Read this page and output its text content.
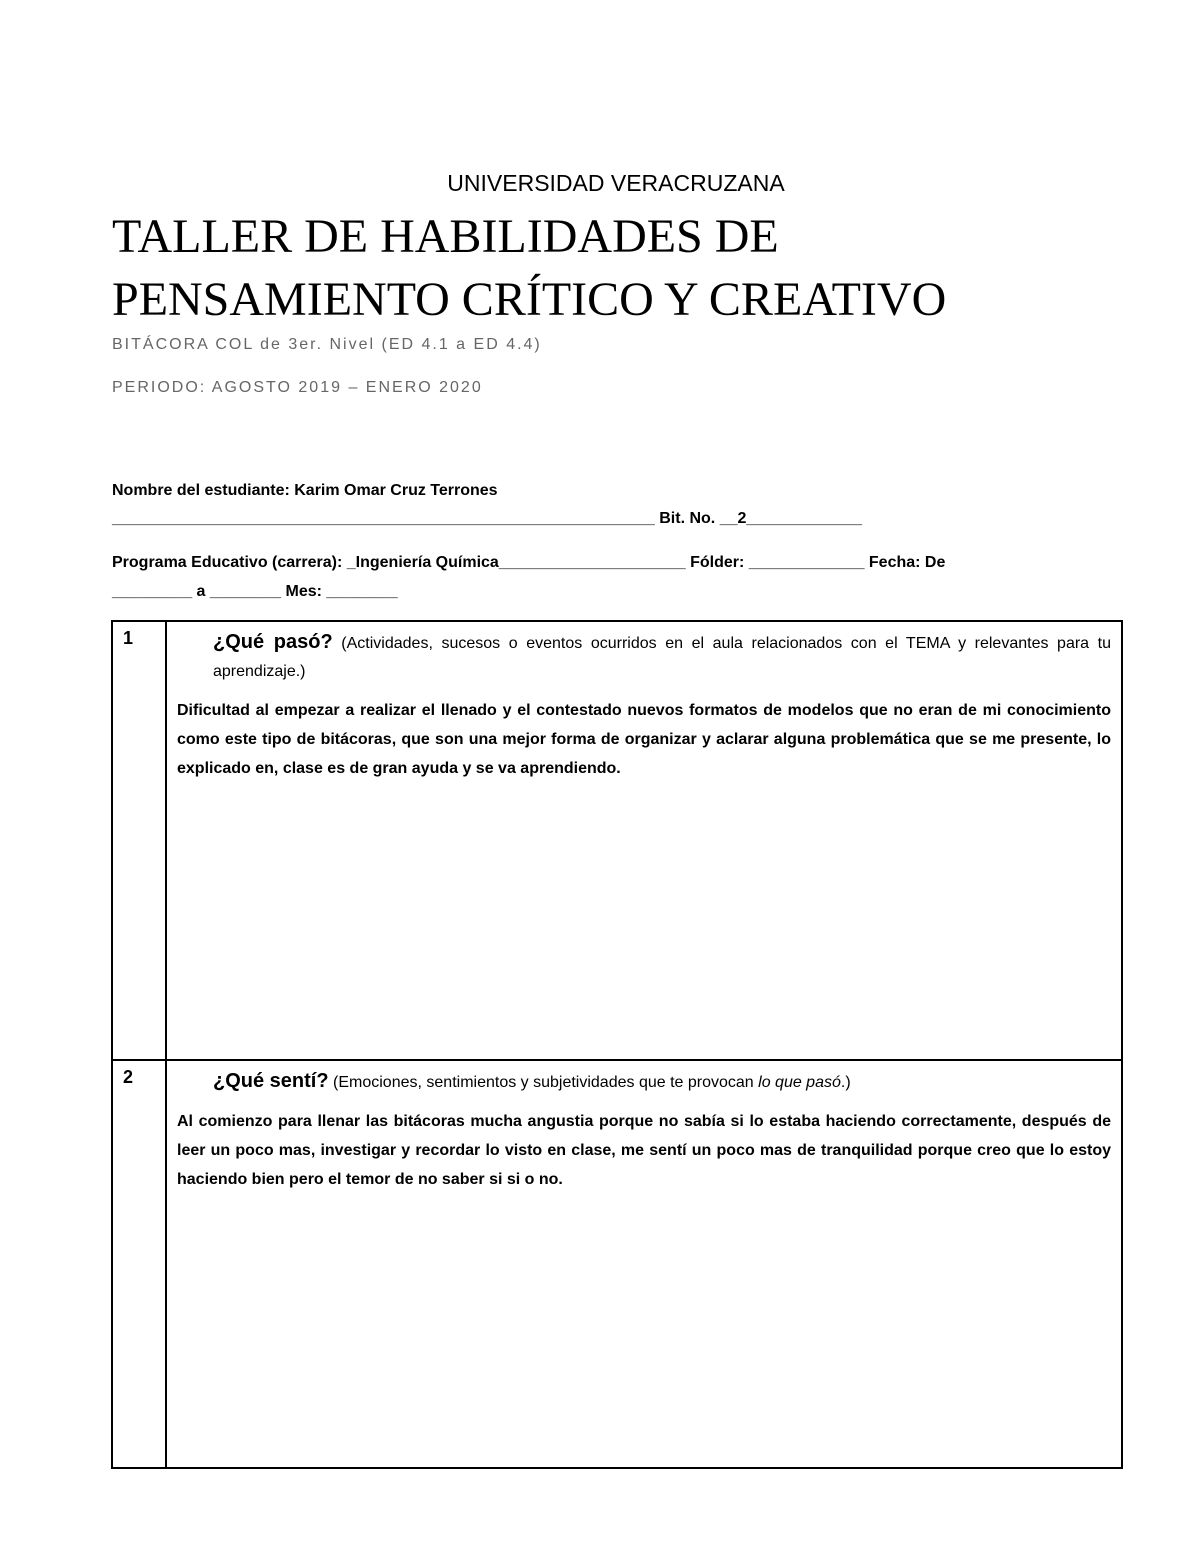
UNIVERSIDAD VERACRUZANA
TALLER DE HABILIDADES DE
PENSAMIENTO CRÍTICO Y CREATIVO
BITÁCORA COL de 3er. Nivel (ED 4.1 a ED 4.4)
PERIODO: AGOSTO 2019 – ENERO 2020
Nombre del estudiante: Karim Omar Cruz Terrones
_____________________________________________________________ Bit. No. __2_____________
Programa Educativo (carrera): _Ingeniería Química_____________________ Fólder: _____________ Fecha: De
_________ a ________ Mes: ________
1	¿Qué pasó? (Actividades, sucesos o eventos ocurridos en el aula relacionados con el TEMA y relevantes para tu aprendizaje.)
Dificultad al empezar a realizar el llenado y el contestado nuevos formatos de modelos que no eran de mi conocimiento como este tipo de bitácoras, que son una mejor forma de organizar y aclarar alguna problemática que se me presente, lo explicado en, clase es de gran ayuda y se va aprendiendo.

2	¿Qué sentí? (Emociones, sentimientos y subjetividades que te provocan lo que pasó.)
Al comienzo para llenar las bitácoras mucha angustia porque no sabía si lo estaba haciendo correctamente, después de leer un poco mas, investigar y recordar lo visto en clase, me sentí un poco mas de tranquilidad porque creo que lo estoy haciendo bien pero el temor de no saber si si o no.
